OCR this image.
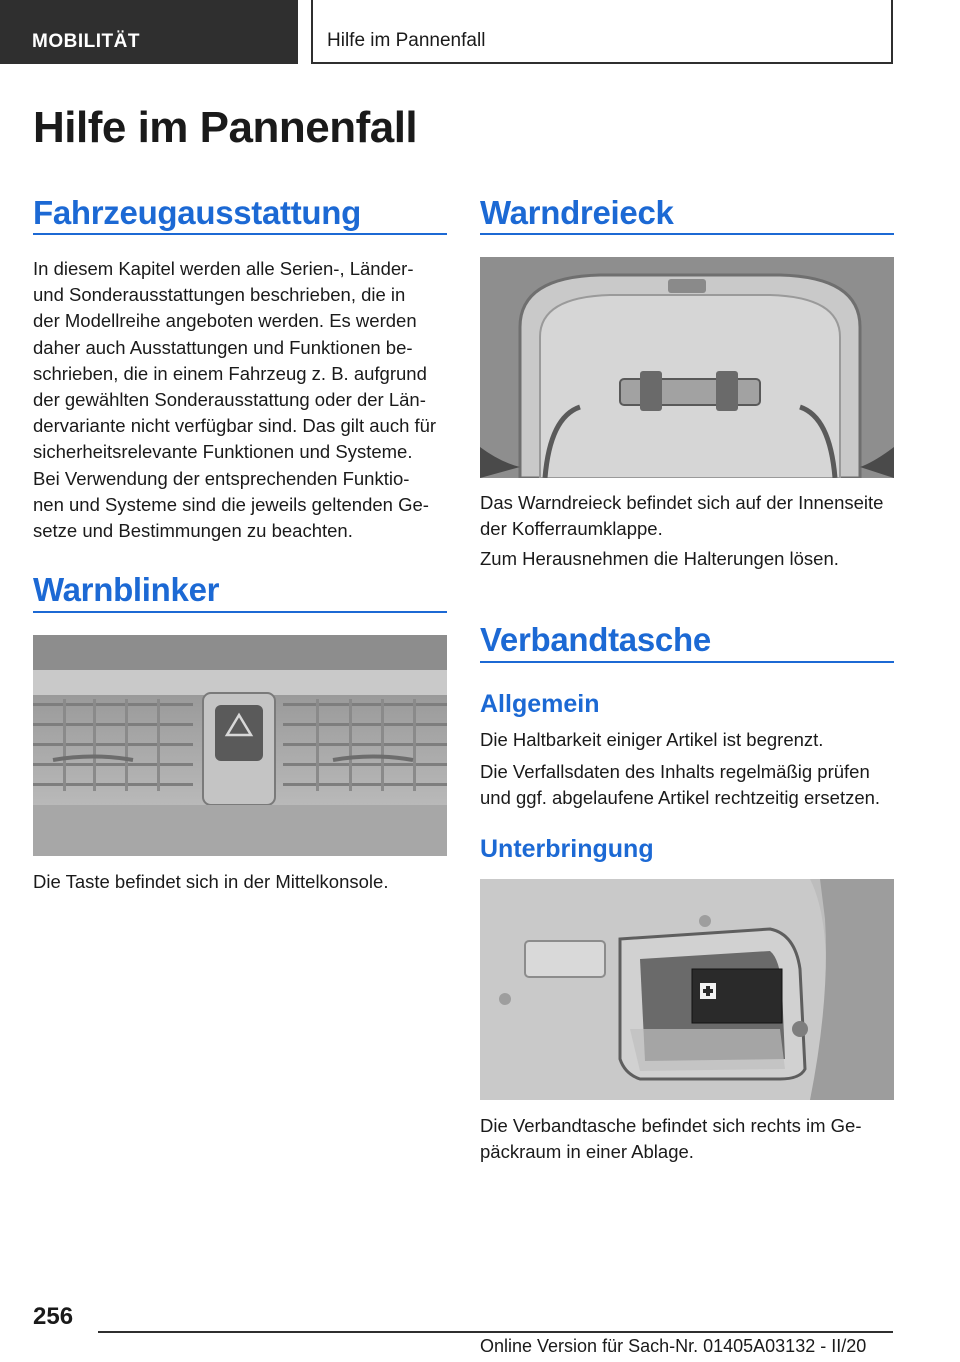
MOBILITÄT	Hilfe im Pannenfall
Hilfe im Pannenfall
Fahrzeugausstattung
In diesem Kapitel werden alle Serien-, Länder-
und Sonderausstattungen beschrieben, die in
der Modellreihe angeboten werden. Es werden
daher auch Ausstattungen und Funktionen be-
schrieben, die in einem Fahrzeug z. B. aufgrund
der gewählten Sonderausstattung oder der Län-
dervariante nicht verfügbar sind. Das gilt auch für
sicherheitsrelevante Funktionen und Systeme.
Bei Verwendung der entsprechenden Funktio-
nen und Systeme sind die jeweils geltenden Ge-
setze und Bestimmungen zu beachten.
Warnblinker
Die Taste befindet sich in der Mittelkonsole.
Warndreieck
Das Warndreieck befindet sich auf der Innenseite
der Kofferraumklappe.
Zum Herausnehmen die Halterungen lösen.
Verbandtasche
Allgemein
Die Haltbarkeit einiger Artikel ist begrenzt.
Die Verfallsdaten des Inhalts regelmäßig prüfen
und ggf. abgelaufene Artikel rechtzeitig ersetzen.
Unterbringung
Die Verbandtasche befindet sich rechts im Ge-
päckraum in einer Ablage.
256
Online Version für Sach-Nr. 01405A03132 - II/20
